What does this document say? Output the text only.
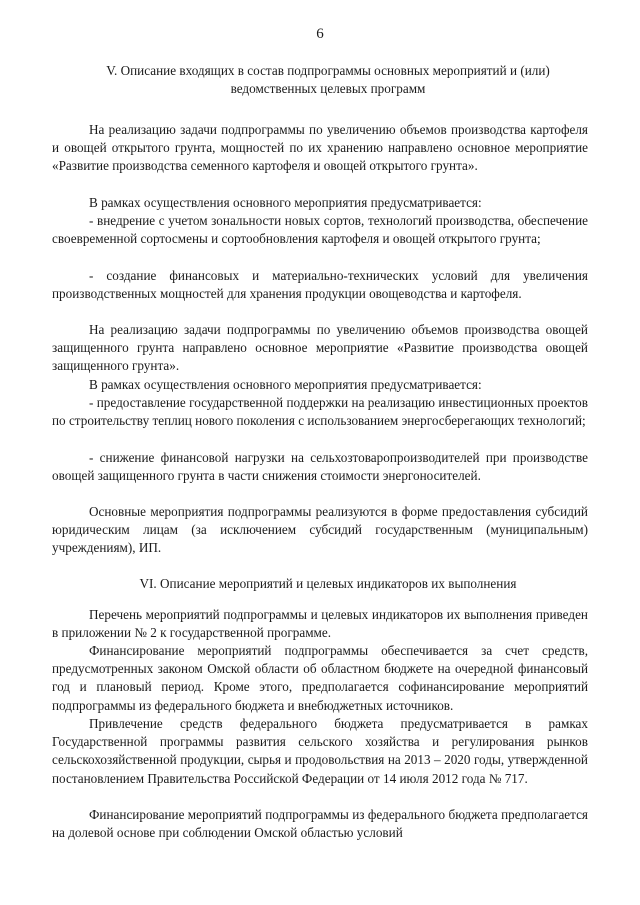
6
V. Описание входящих в состав подпрограммы основных мероприятий и (или)
ведомственных целевых программ

На реализацию задачи подпрограммы по увеличению объемов производства картофеля и овощей открытого грунта, мощностей по их хранению направлено основное мероприятие «Развитие производства семенного картофеля и овощей открытого грунта».

В рамках осуществления основного мероприятия предусматривается:

- внедрение с учетом зональности новых сортов, технологий производства, обеспечение своевременной сортосмены и сортообновления картофеля и овощей открытого грунта;

- создание финансовых и материально-технических условий для увеличения производственных мощностей для хранения продукции овощеводства и картофеля.

На реализацию задачи подпрограммы по увеличению объемов производства овощей защищенного грунта направлено основное мероприятие «Развитие производства овощей защищенного грунта».

В рамках осуществления основного мероприятия предусматривается:

- предоставление государственной поддержки на реализацию инвестиционных проектов по строительству теплиц нового поколения с использованием энергосберегающих технологий;

- снижение финансовой нагрузки на сельхозтоваропроизводителей при производстве овощей защищенного грунта в части снижения стоимости энергоносителей.

Основные мероприятия подпрограммы реализуются в форме предоставления субсидий юридическим лицам (за исключением субсидий государственным (муниципальным) учреждениям), ИП.

VI. Описание мероприятий и целевых индикаторов их выполнения

Перечень мероприятий подпрограммы и целевых индикаторов их выполнения приведен в приложении № 2 к государственной программе.

Финансирование мероприятий подпрограммы обеспечивается за счет средств, предусмотренных законом Омской области об областном бюджете на очередной финансовый год и плановый период. Кроме этого, предполагается софинансирование мероприятий подпрограммы из федерального бюджета и внебюджетных источников.

Привлечение средств федерального бюджета предусматривается в рамках Государственной программы развития сельского хозяйства и регулирования рынков сельскохозяйственной продукции, сырья и продовольствия на 2013 – 2020 годы, утвержденной постановлением Правительства Российской Федерации от 14 июля 2012 года № 717.

Финансирование мероприятий подпрограммы из федерального бюджета предполагается на долевой основе при соблюдении Омской областью условий
